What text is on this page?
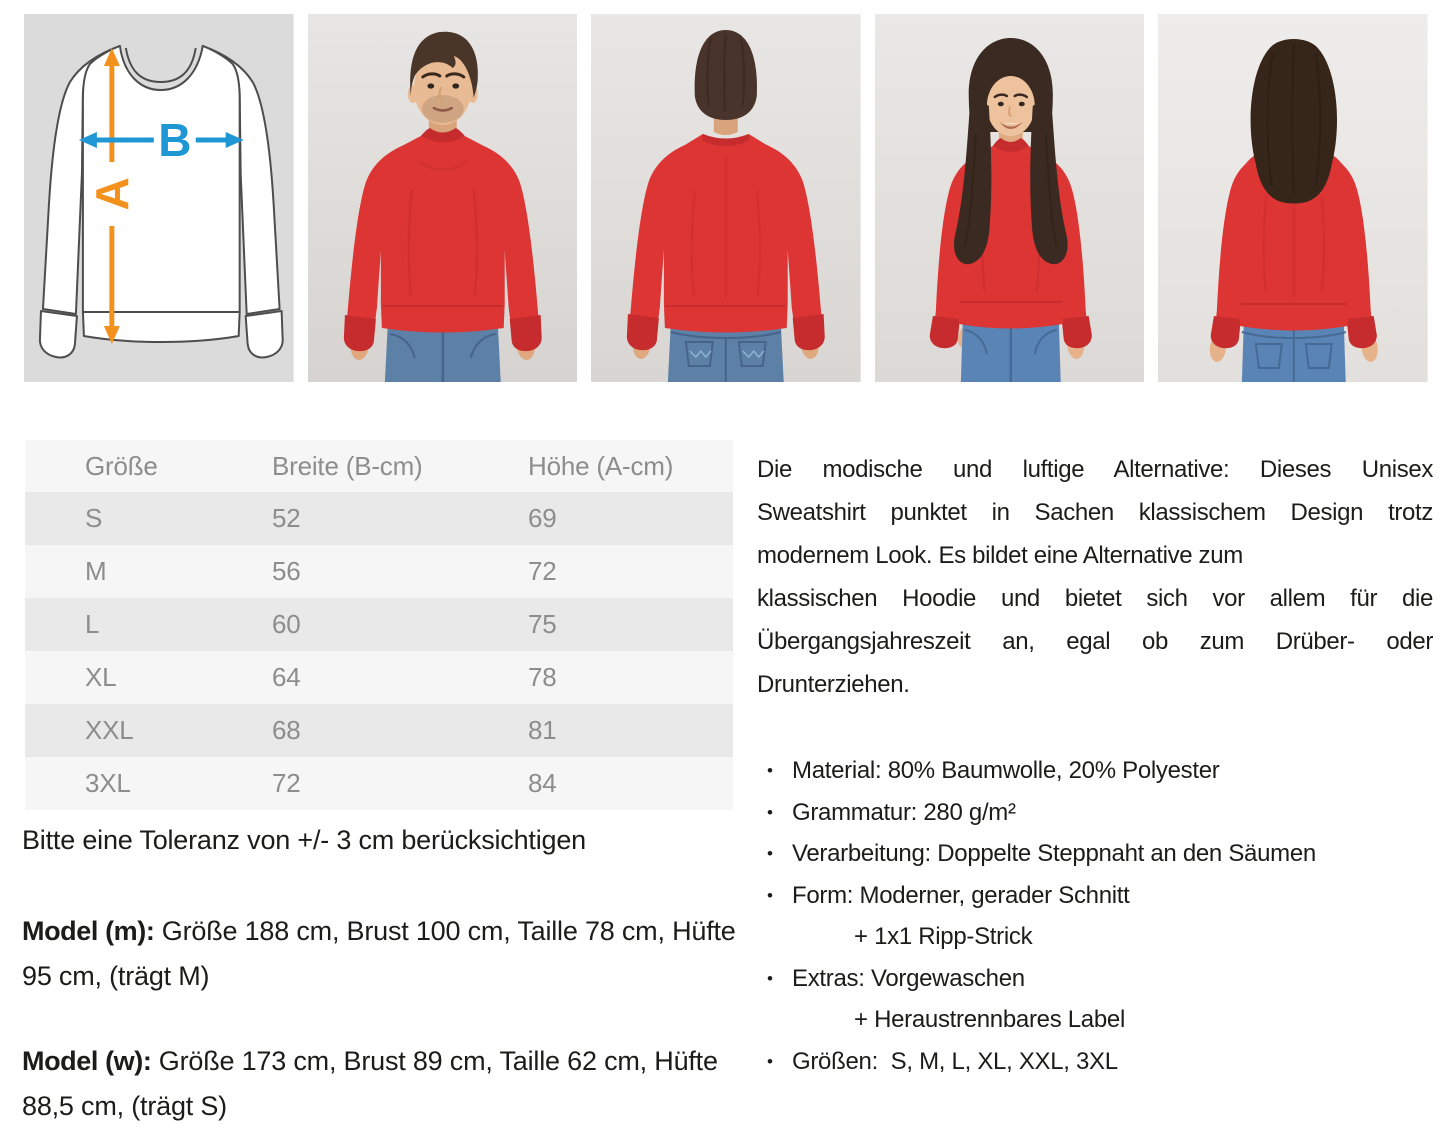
A
B
Größe	Breite (B-cm)	Höhe (A-cm)
S	52	69
M	56	72
L	60	75
XL	64	78
XXL	68	81
3XL	72	84

Bitte eine Toleranz von +/- 3 cm berücksichtigen

Model (m): Größe 188 cm, Brust 100 cm, Taille 78 cm, Hüfte 95 cm, (trägt M)

Model (w): Größe 173 cm, Brust 89 cm, Taille 62 cm, Hüfte 88,5 cm, (trägt S)

Die modische und luftige Alternative: Dieses Unisex
Sweatshirt punktet in Sachen klassischem Design trotz
modernem Look. Es bildet eine Alternative zum
klassischen Hoodie und bietet sich vor allem für die
Übergangsjahreszeit an, egal ob zum Drüber- oder
Drunterziehen.
• Material: 80% Baumwolle, 20% Polyester
• Grammatur: 280 g/m²
• Verarbeitung: Doppelte Steppnaht an den Säumen
• Form: Moderner, gerader Schnitt
+ 1x1 Ripp-Strick
• Extras: Vorgewaschen
+ Heraustrennbares Label
• Größen:  S, M, L, XL, XXL, 3XL
